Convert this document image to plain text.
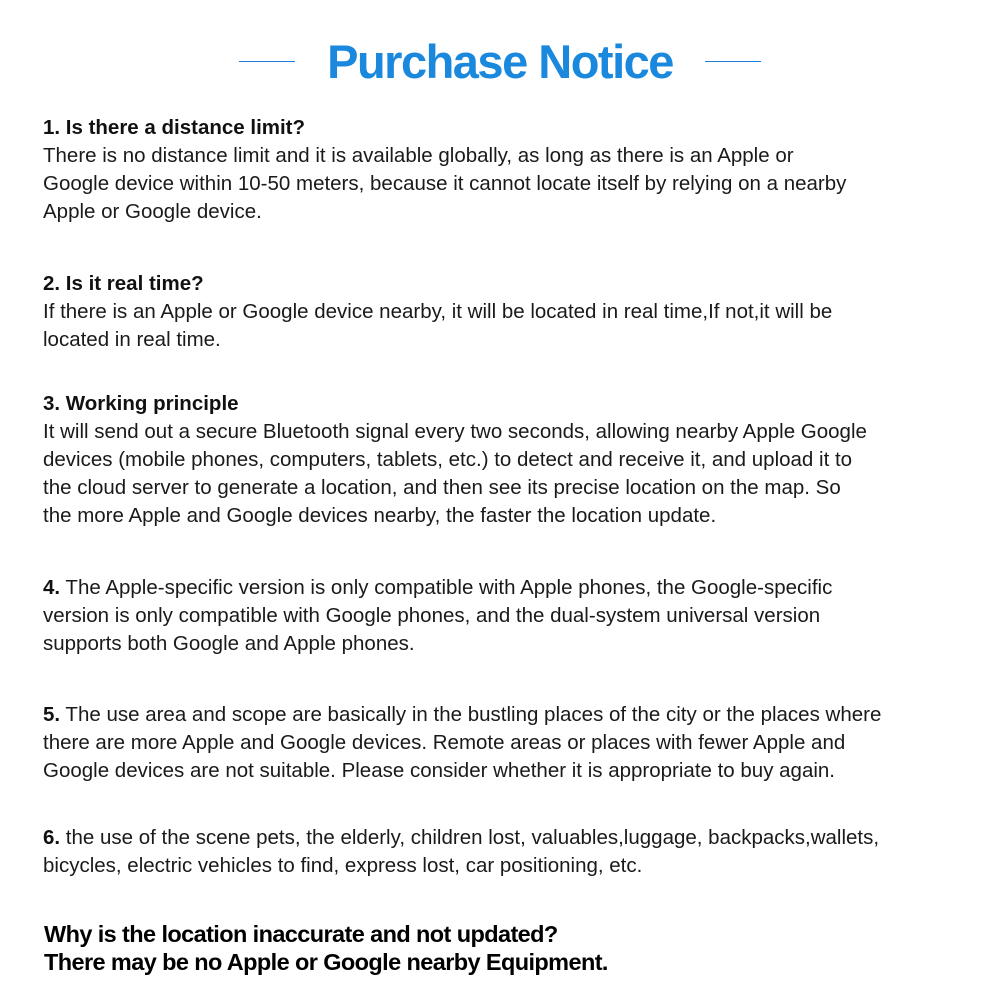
Purchase Notice
1. Is there a distance limit?
There is no distance limit and it is available globally, as long as there is an Apple or
Google device within 10-50 meters, because it cannot locate itself by relying on a nearby
Apple or Google device.
2. Is it real time?
If there is an Apple or Google device nearby, it will be located in real time,If not,it will be
located in real time.
3. Working principle
It will send out a secure Bluetooth signal every two seconds, allowing nearby Apple Google
devices (mobile phones, computers, tablets, etc.) to detect and receive it, and upload it to
the cloud server to generate a location, and then see its precise location on the map. So
the more Apple and Google devices nearby, the faster the location update.
4. The Apple-specific version is only compatible with Apple phones, the Google-specific
version is only compatible with Google phones, and the dual-system universal version
supports both Google and Apple phones.
5. The use area and scope are basically in the bustling places of the city or the places where
there are more Apple and Google devices. Remote areas or places with fewer Apple and
Google devices are not suitable. Please consider whether it is appropriate to buy again.
6. the use of the scene pets, the elderly, children lost, valuables,luggage, backpacks,wallets,
bicycles, electric vehicles to find, express lost, car positioning, etc.
Why is the location inaccurate and not updated?
There may be no Apple or Google nearby Equipment.
